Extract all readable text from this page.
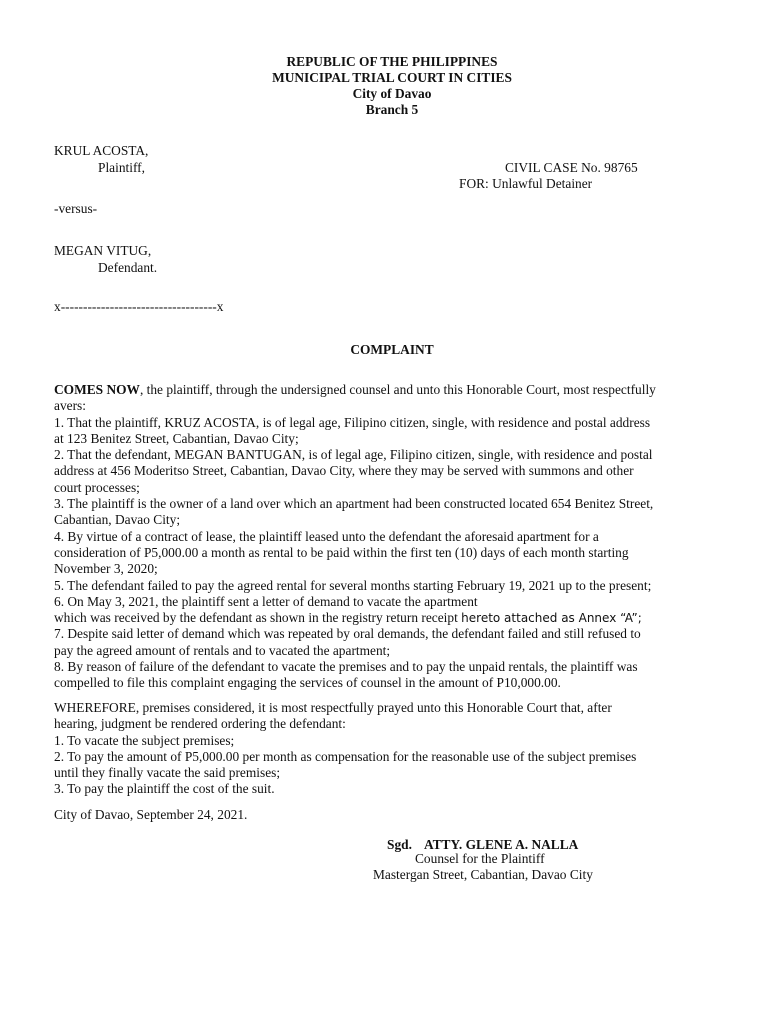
REPUBLIC OF THE PHILIPPINES
MUNICIPAL TRIAL COURT IN CITIES
City of Davao
Branch 5
KRUL ACOSTA,
Plaintiff,	CIVIL CASE No. 98765
FOR: Unlawful Detainer
-versus-
MEGAN VITUG,
Defendant.
x-----------------------------------x
COMPLAINT
COMES NOW, the plaintiff, through the undersigned counsel and unto this Honorable Court, most respectfully
avers:
1. That the plaintiff, KRUZ ACOSTA, is of legal age, Filipino citizen, single, with residence and postal address
at 123 Benitez Street, Cabantian, Davao City;
2. That the defendant, MEGAN BANTUGAN, is of legal age, Filipino citizen, single, with residence and postal
address at 456 Moderitso Street, Cabantian, Davao City, where they may be served with summons and other
court processes;
3. The plaintiff is the owner of a land over which an apartment had been constructed located 654 Benitez Street,
Cabantian, Davao City;
4. By virtue of a contract of lease, the plaintiff leased unto the defendant the aforesaid apartment for a
consideration of P5,000.00 a month as rental to be paid within the first ten (10) days of each month starting
November 3, 2020;
5. The defendant failed to pay the agreed rental for several months starting February 19, 2021 up to the present;
6. On May 3, 2021, the plaintiff sent a letter of demand to vacate the apartment
which was received by the defendant as shown in the registry return receipt hereto attached as Annex “A”;
7. Despite said letter of demand which was repeated by oral demands, the defendant failed and still refused to
pay the agreed amount of rentals and to vacated the apartment;
8. By reason of failure of the defendant to vacate the premises and to pay the unpaid rentals, the plaintiff was
compelled to file this complaint engaging the services of counsel in the amount of P10,000.00.
WHEREFORE, premises considered, it is most respectfully prayed unto this Honorable Court that, after
hearing, judgment be rendered ordering the defendant:
1. To vacate the subject premises;
2. To pay the amount of P5,000.00 per month as compensation for the reasonable use of the subject premises
until they finally vacate the said premises;
3. To pay the plaintiff the cost of the suit.
City of Davao, September 24, 2021.
Sgd. ATTY. GLENE A. NALLA
Counsel for the Plaintiff
Mastergan Street, Cabantian, Davao City
